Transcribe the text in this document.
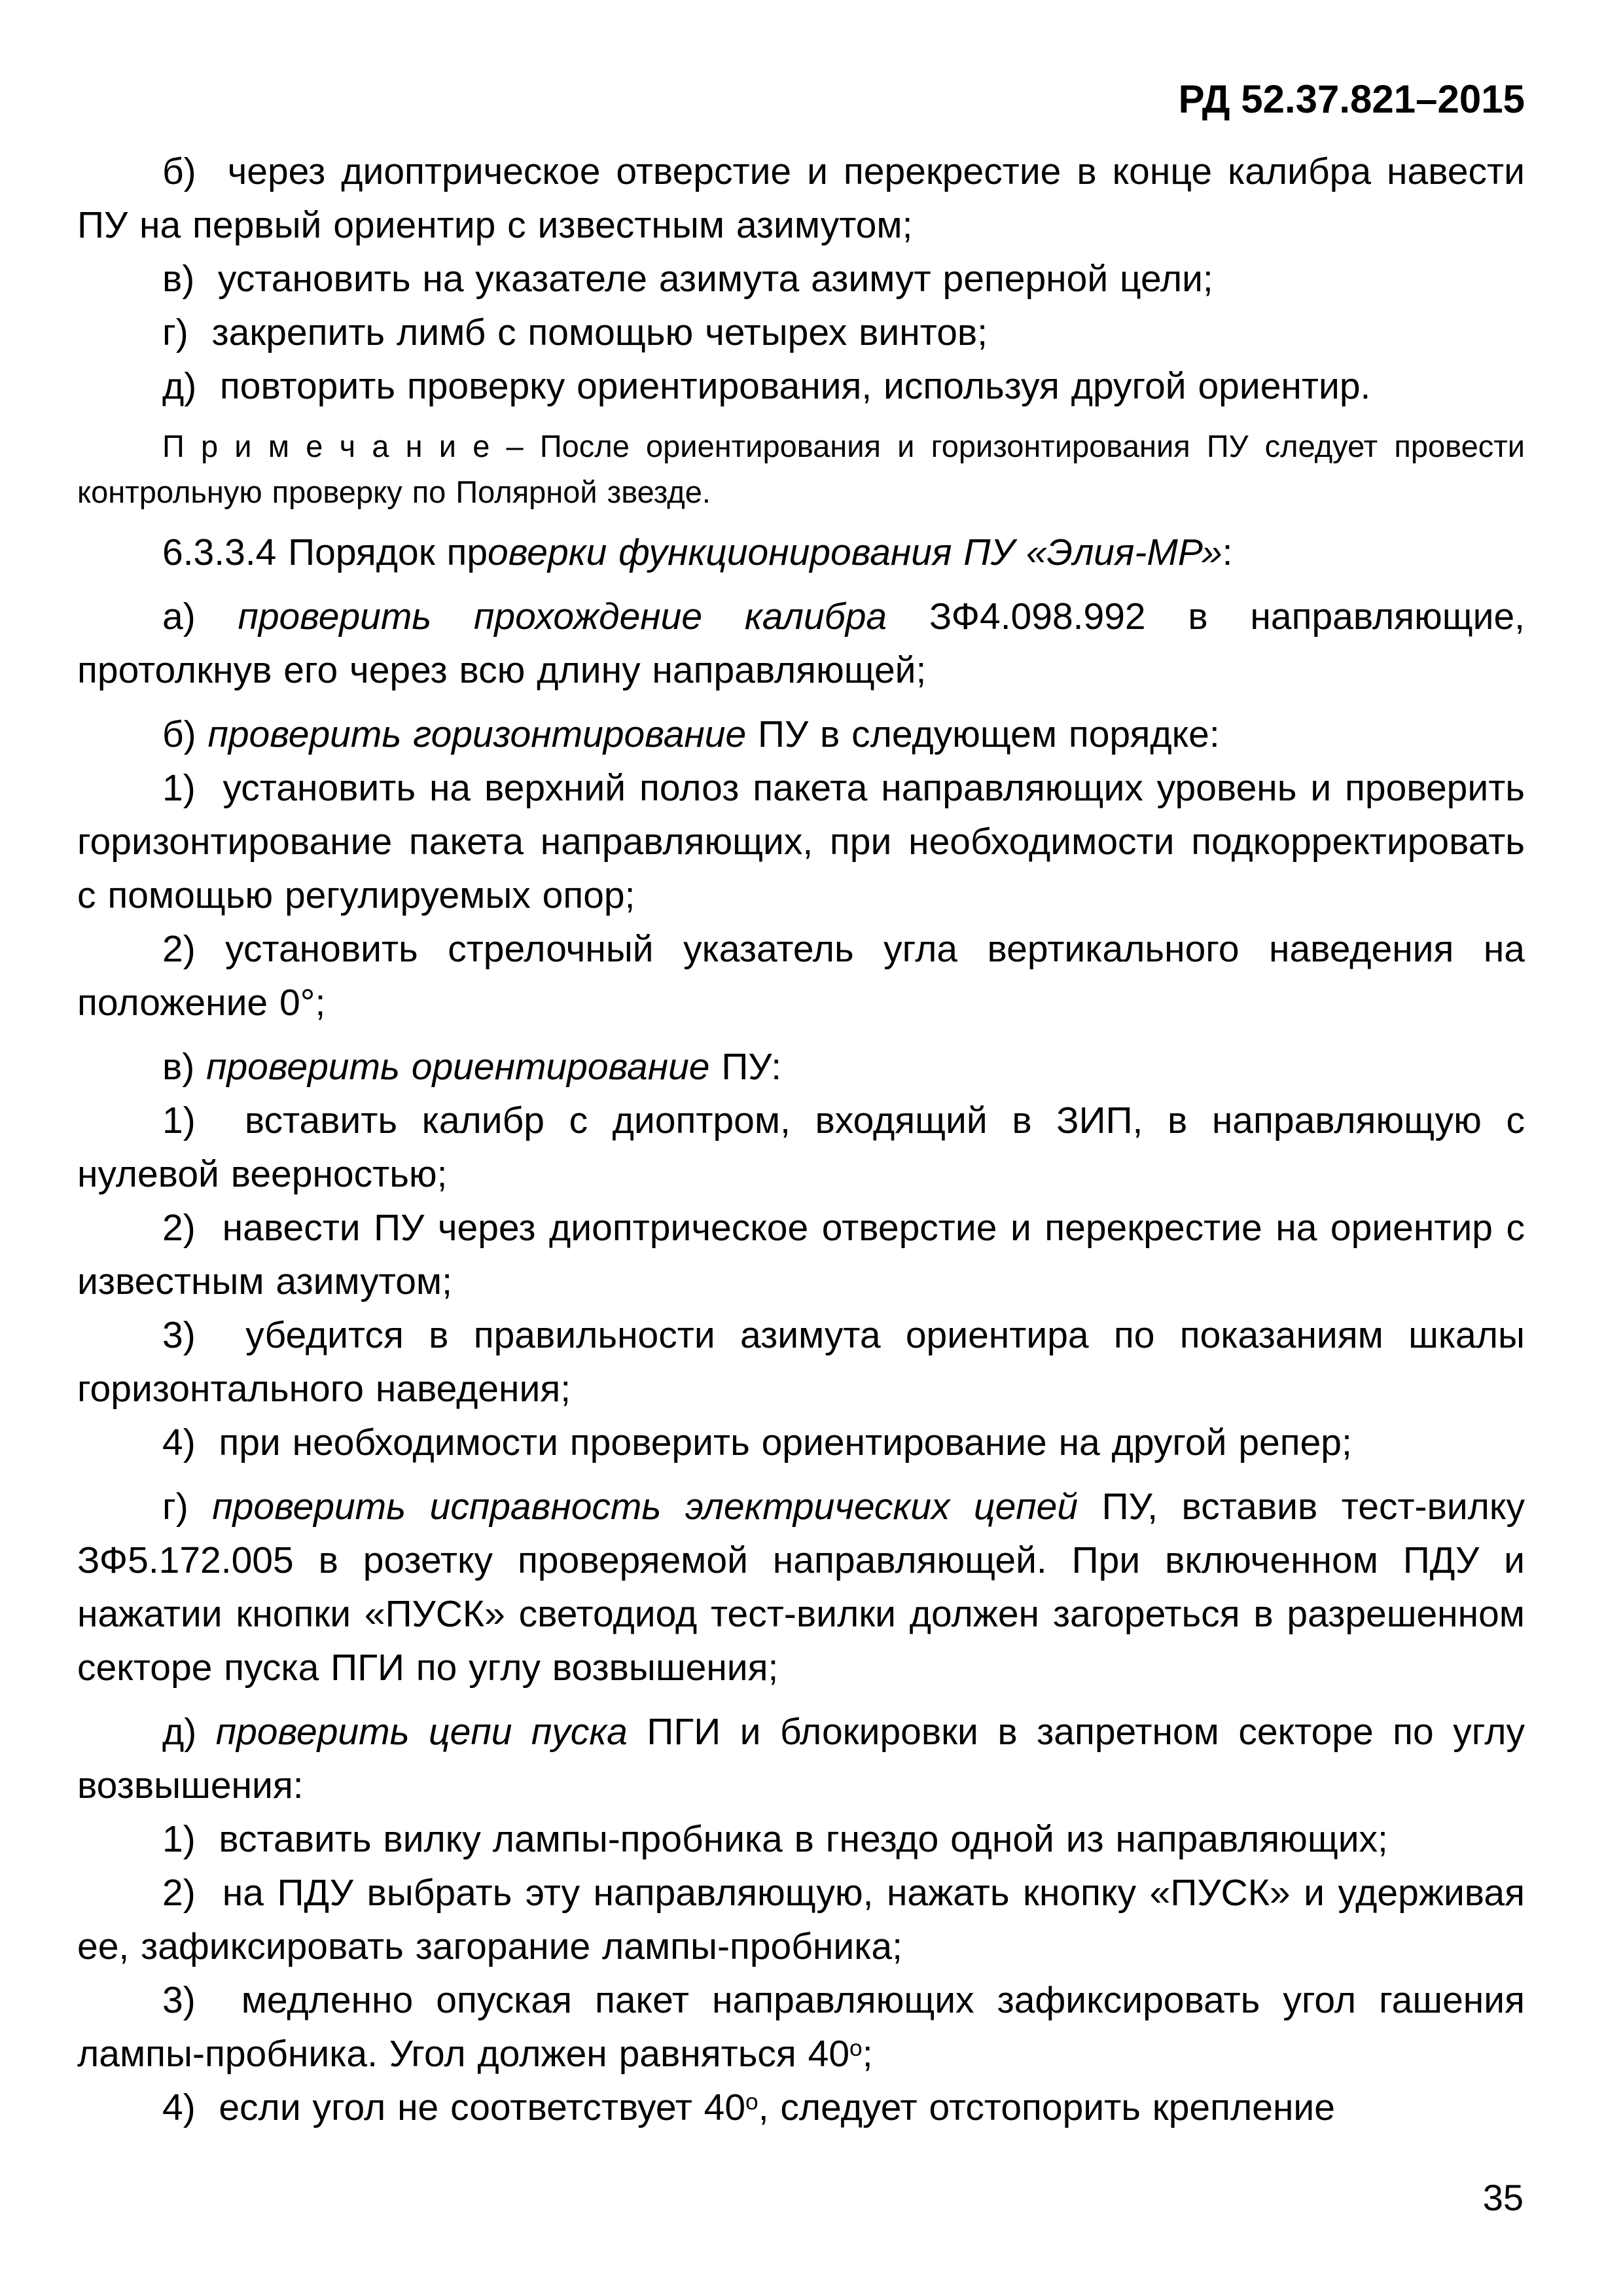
РД 52.37.821–2015

б)  через диоптрическое отверстие и перекрестие в конце калибра навести ПУ на первый ориентир с известным азимутом;

в)  установить на указателе азимута азимут реперной цели;

г)  закрепить лимб с помощью четырех винтов;

д)  повторить проверку ориентирования, используя другой ориентир.

П р и м е ч а н и е – После ориентирования и горизонтирования ПУ следует провести контрольную проверку по Полярной звезде.

6.3.3.4 Порядок проверки функционирования ПУ «Элия-МР»:

а) проверить прохождение калибра ЗФ4.098.992 в направляющие, протолкнув его через всю длину направляющей;

б) проверить горизонтирование ПУ в следующем порядке:

1)  установить на верхний полоз пакета направляющих уровень и проверить горизонтирование пакета направляющих, при необходимости подкорректировать с помощью регулируемых опор;

2) установить стрелочный указатель угла вертикального наведения на положение 0°;

в) проверить ориентирование ПУ:

1)  вставить калибр с диоптром, входящий в ЗИП, в направляющую с нулевой веерностью;

2)  навести ПУ через диоптрическое отверстие и перекрестие на ориентир с известным азимутом;

3)  убедится в правильности азимута ориентира по показаниям шкалы горизонтального наведения;

4)  при необходимости проверить ориентирование на другой репер;

г) проверить исправность электрических цепей ПУ, вставив тест-вилку ЗФ5.172.005 в розетку проверяемой направляющей. При включенном ПДУ и нажатии кнопки «ПУСК» светодиод тест-вилки должен загореться в разрешенном секторе пуска ПГИ по углу возвышения;

д) проверить цепи пуска ПГИ и блокировки в запретном секторе по углу возвышения:

1)  вставить вилку лампы-пробника в гнездо одной из направляющих;

2)  на ПДУ выбрать эту направляющую, нажать кнопку «ПУСК» и удерживая ее, зафиксировать загорание лампы-пробника;

3)  медленно опуская пакет направляющих зафиксировать угол гашения лампы-пробника. Угол должен равняться $40^о$;

4)  если угол не соответствует $40^о$, следует отстопорить крепление

35
